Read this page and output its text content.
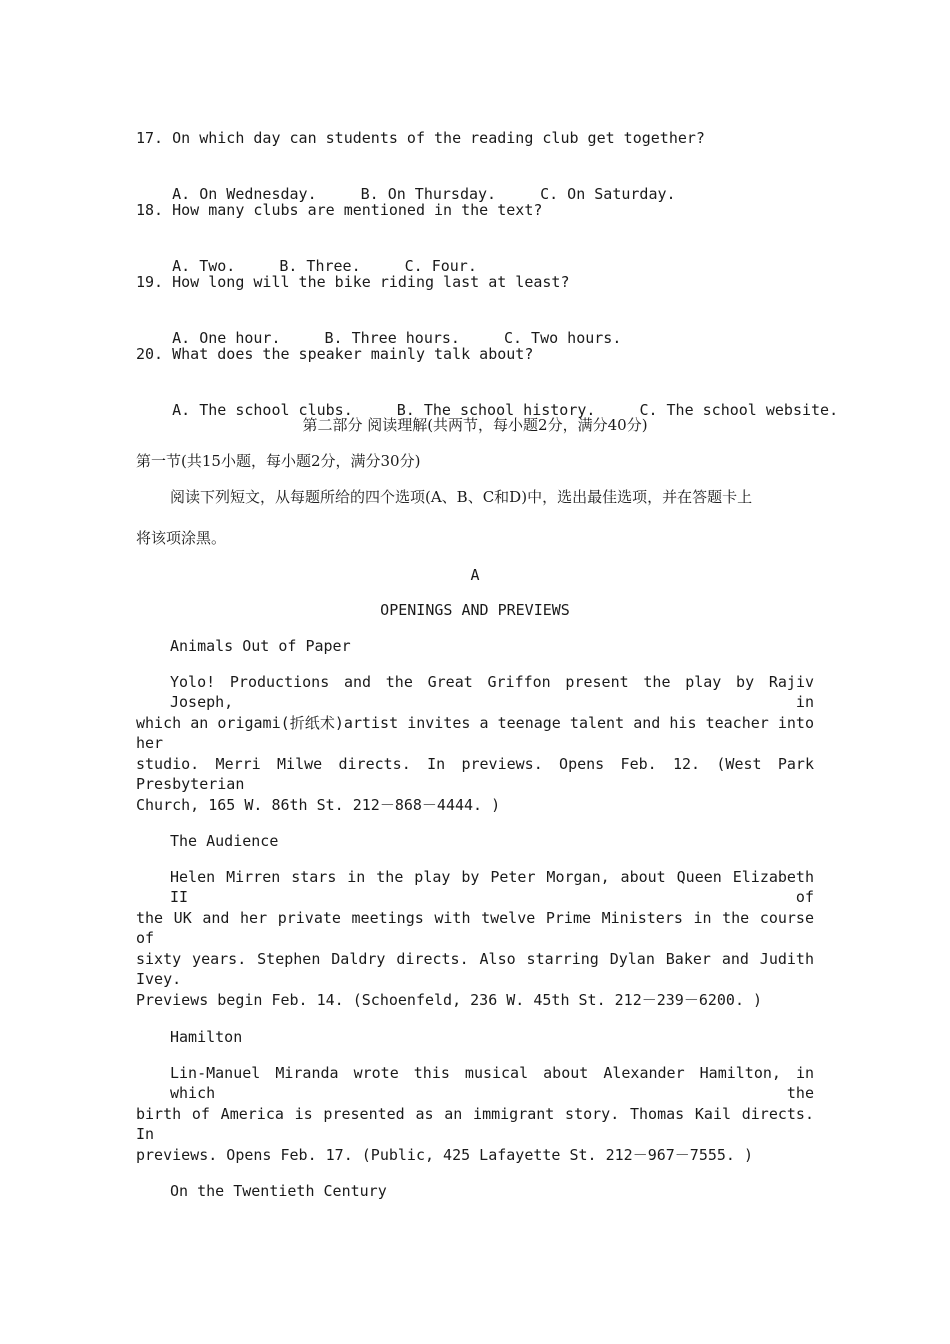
17. On which day can students of the reading club get together?

A. On Wednesday.	B. On Thursday.	C. On Saturday.

18. How many clubs are mentioned in the text?

A. Two.	B. Three.	C. Four.

19. How long will the bike riding last at least?

A. One hour.	B. Three hours.	C. Two hours.

20. What does the speaker mainly talk about?

A. The school clubs.	B. The school history.	C. The school website.

第二部分 阅读理解(共两节，每小题2分，满分40分)
第一节(共15小题，每小题2分，满分30分)
阅读下列短文，从每题所给的四个选项(A、B、C和D)中，选出最佳选项，并在答题卡上
将该项涂黑。
A
OPENINGS AND PREVIEWS
Animals Out of Paper
Yolo! Productions and the Great Griffon present the play by Rajiv Joseph, in
which an origami(折纸术)artist invites a teenage talent and his teacher into her
studio. Merri Milwe directs. In previews. Opens Feb. 12. (West Park Presbyterian
Church, 165 W. 86th St. 212－868－4444. )
The Audience
Helen Mirren stars in the play by Peter Morgan, about Queen Elizabeth II of
the UK and her private meetings with twelve Prime Ministers in the course of
sixty years. Stephen Daldry directs. Also starring Dylan Baker and Judith Ivey.
Previews begin Feb. 14. (Schoenfeld, 236 W. 45th St. 212－239－6200. )
Hamilton
Lin-Manuel Miranda wrote this musical about Alexander Hamilton, in which the
birth of America is presented as an immigrant story. Thomas Kail directs. In
previews. Opens Feb. 17. (Public, 425 Lafayette St. 212－967－7555. )
On the Twentieth Century
